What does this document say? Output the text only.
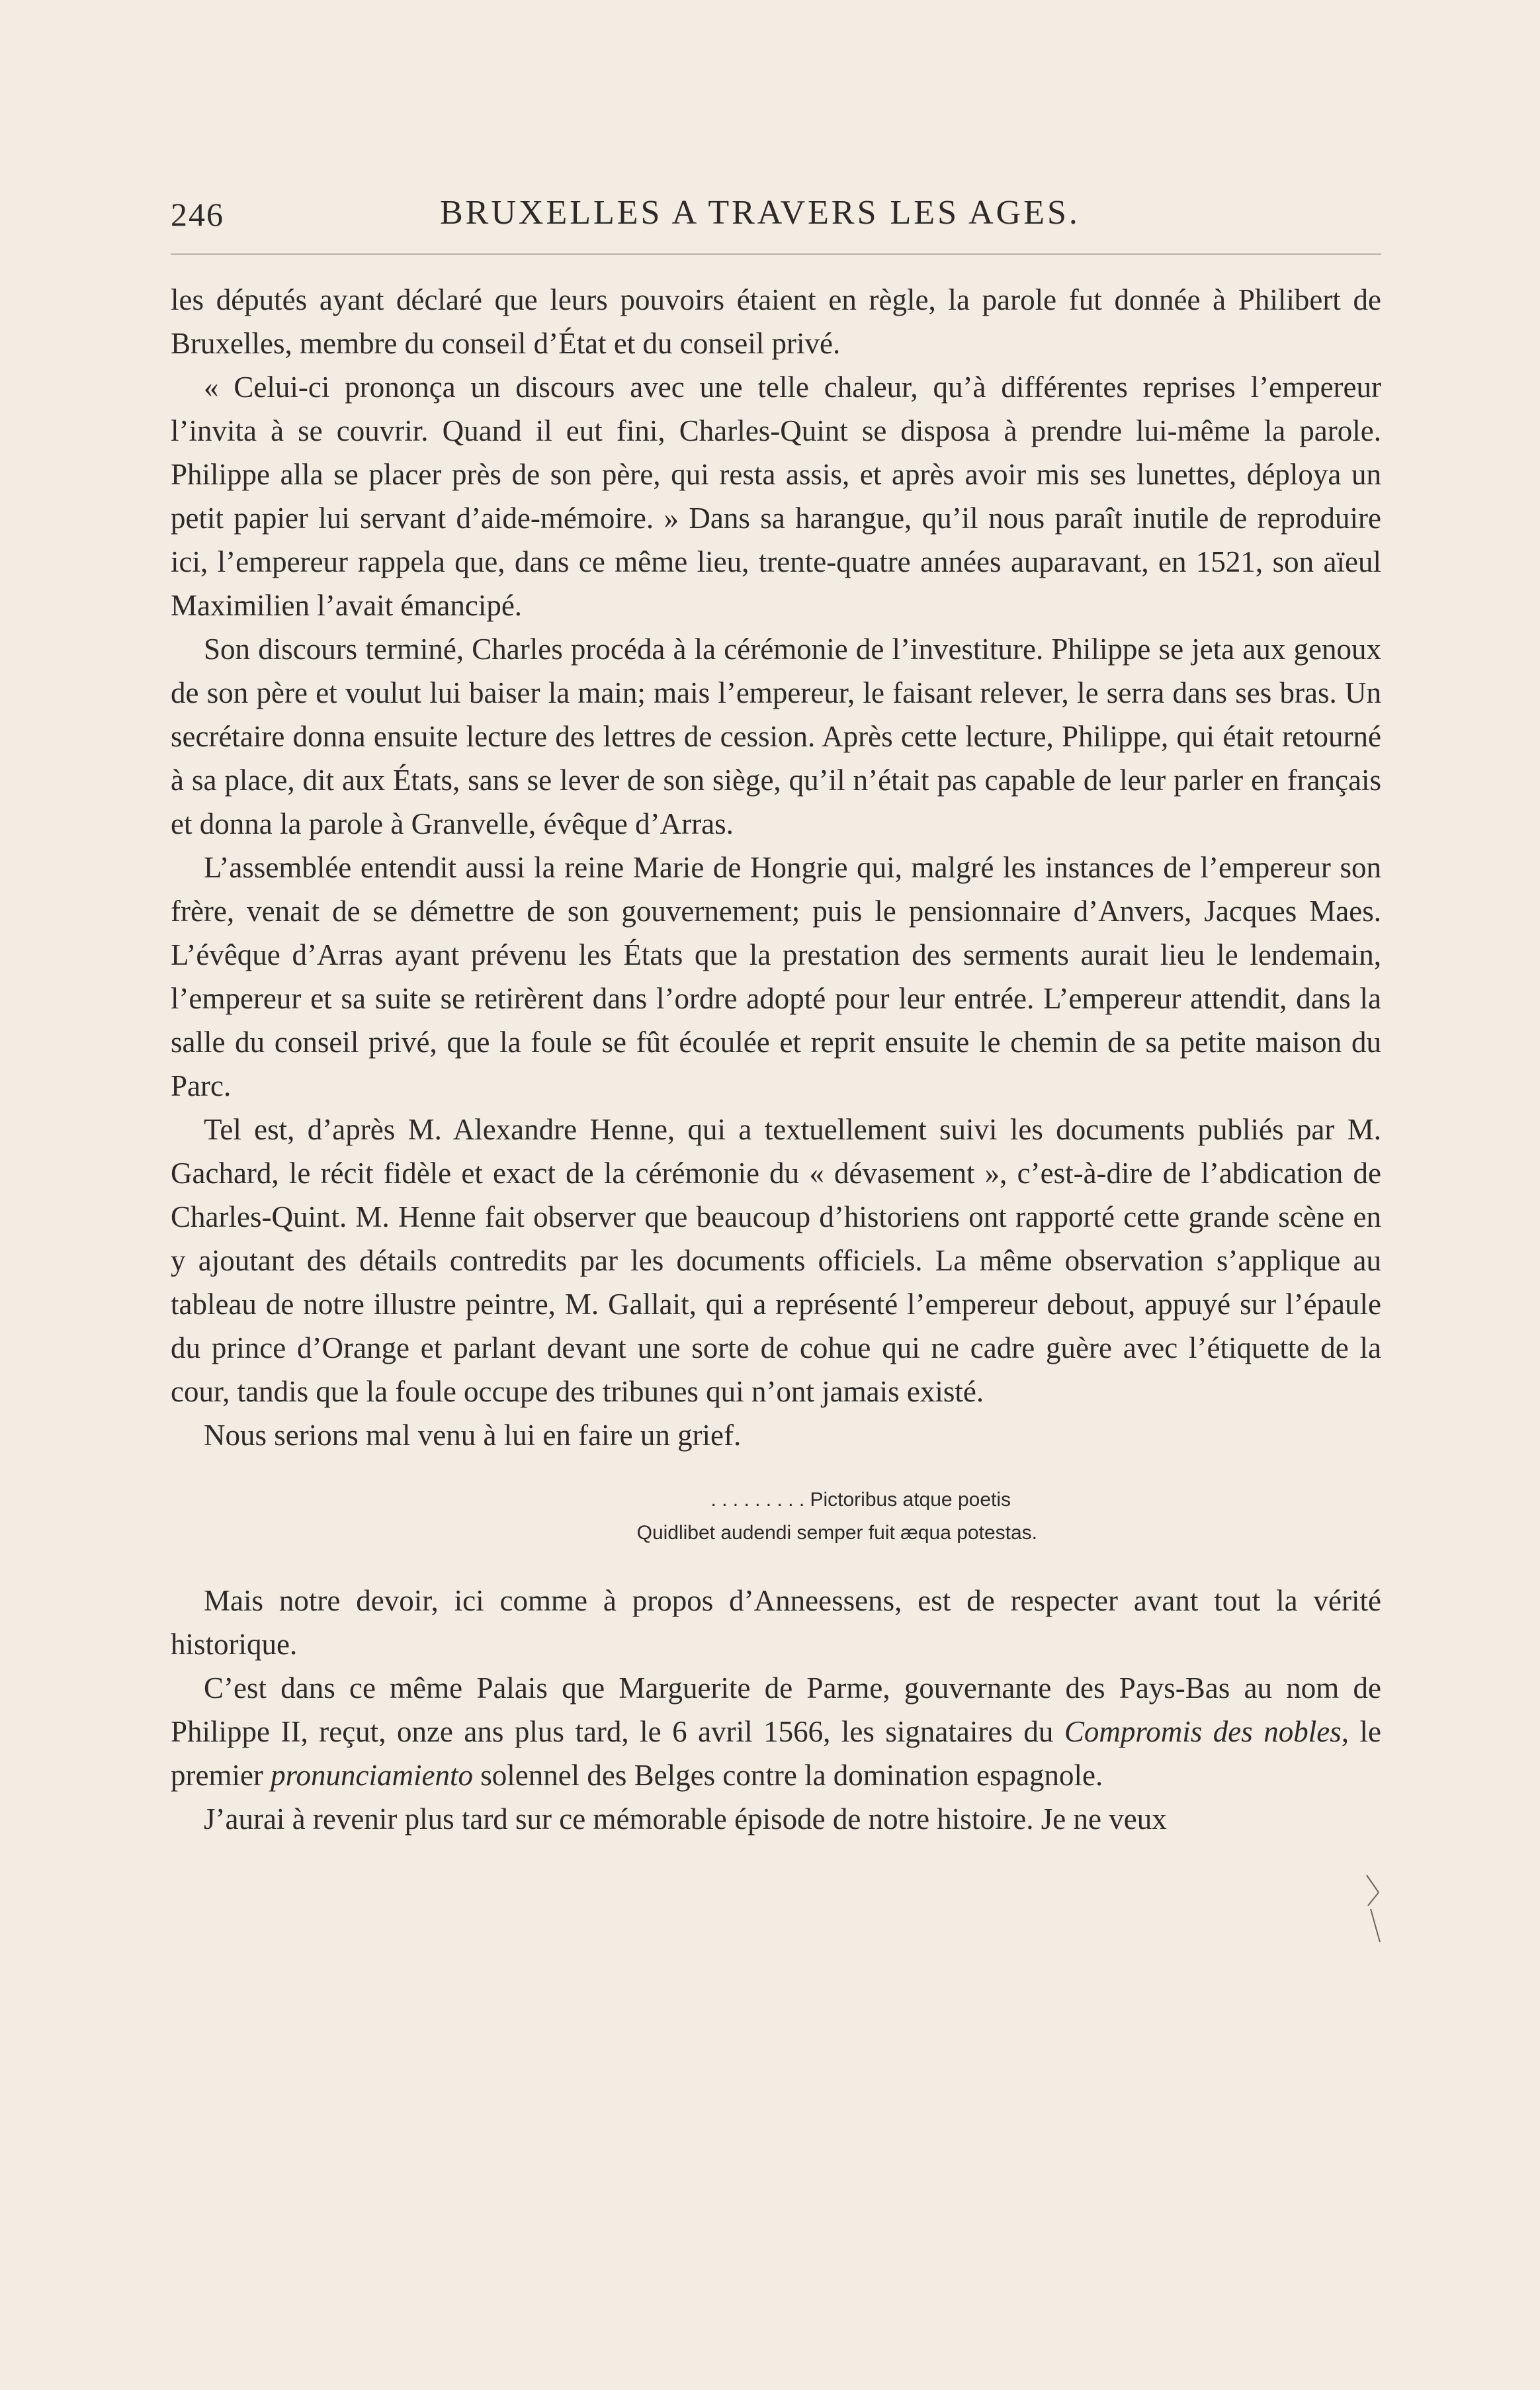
246	BRUXELLES A TRAVERS LES AGES.

les députés ayant déclaré que leurs pouvoirs étaient en règle, la parole fut donnée à Philibert de Bruxelles, membre du conseil d’État et du conseil privé.

« Celui-ci prononça un discours avec une telle chaleur, qu’à différentes reprises l’empereur l’invita à se couvrir. Quand il eut fini, Charles-Quint se disposa à prendre lui-même la parole. Philippe alla se placer près de son père, qui resta assis, et après avoir mis ses lunettes, déploya un petit papier lui servant d’aide-mémoire. » Dans sa harangue, qu’il nous paraît inutile de reproduire ici, l’empereur rappela que, dans ce même lieu, trente-quatre années auparavant, en 1521, son aïeul Maximilien l’avait émancipé.

Son discours terminé, Charles procéda à la cérémonie de l’investiture. Philippe se jeta aux genoux de son père et voulut lui baiser la main; mais l’empereur, le faisant relever, le serra dans ses bras. Un secrétaire donna ensuite lecture des lettres de cession. Après cette lecture, Philippe, qui était retourné à sa place, dit aux États, sans se lever de son siège, qu’il n’était pas capable de leur parler en français et donna la parole à Granvelle, évêque d’Arras.

L’assemblée entendit aussi la reine Marie de Hongrie qui, malgré les instances de l’empereur son frère, venait de se démettre de son gouvernement; puis le pensionnaire d’Anvers, Jacques Maes. L’évêque d’Arras ayant prévenu les États que la prestation des serments aurait lieu le lendemain, l’empereur et sa suite se retirèrent dans l’ordre adopté pour leur entrée. L’empereur attendit, dans la salle du conseil privé, que la foule se fût écoulée et reprit ensuite le chemin de sa petite maison du Parc.

Tel est, d’après M. Alexandre Henne, qui a textuellement suivi les documents publiés par M. Gachard, le récit fidèle et exact de la cérémonie du « dévasement », c’est-à-dire de l’abdication de Charles-Quint. M. Henne fait observer que beaucoup d’historiens ont rapporté cette grande scène en y ajoutant des détails contredits par les documents officiels. La même observation s’applique au tableau de notre illustre peintre, M. Gallait, qui a représenté l’empereur debout, appuyé sur l’épaule du prince d’Orange et parlant devant une sorte de cohue qui ne cadre guère avec l’étiquette de la cour, tandis que la foule occupe des tribunes qui n’ont jamais existé.

Nous serions mal venu à lui en faire un grief.

. . . . . . . . . Pictoribus atque poetis
Quidlibet audendi semper fuit æqua potestas.

Mais notre devoir, ici comme à propos d’Anneessens, est de respecter avant tout la vérité historique.

C’est dans ce même Palais que Marguerite de Parme, gouvernante des Pays-Bas au nom de Philippe II, reçut, onze ans plus tard, le 6 avril 1566, les signataires du Compromis des nobles, le premier pronunciamiento solennel des Belges contre la domination espagnole.

J’aurai à revenir plus tard sur ce mémorable épisode de notre histoire. Je ne veux
